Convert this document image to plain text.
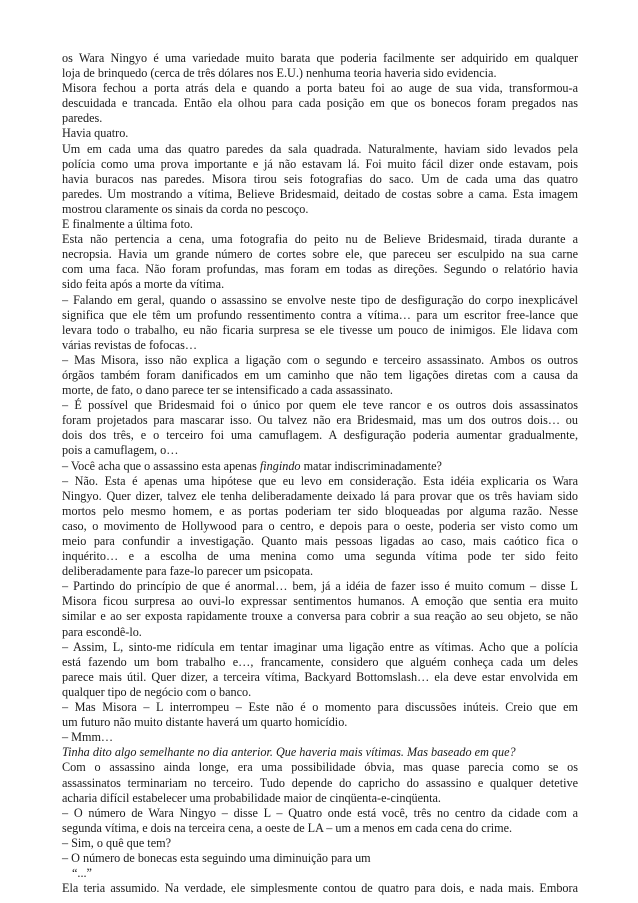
os Wara Ningyo é uma variedade muito barata que poderia facilmente ser adquirido em qualquer
loja de brinquedo (cerca de três dólares nos E.U.) nenhuma teoria haveria sido evidencia.
Misora fechou a porta atrás dela e quando a porta bateu foi ao auge de sua vida, transformou-a
descuidada e trancada. Então ela olhou para cada posição em que os bonecos foram pregados nas
paredes.
Havia quatro.
Um em cada uma das quatro paredes da sala quadrada. Naturalmente, haviam sido levados pela
polícia como uma prova importante e já não estavam lá. Foi muito fácil dizer onde estavam, pois
havia buracos nas paredes. Misora tirou seis fotografias do saco. Um de cada uma das quatro
paredes. Um mostrando a vítima, Believe Bridesmaid, deitado de costas sobre a cama. Esta imagem
mostrou claramente os sinais da corda no pescoço.
E finalmente a última foto.
Esta não pertencia a cena, uma fotografia do peito nu de Believe Bridesmaid, tirada durante a
necropsia. Havia um grande número de cortes sobre ele, que pareceu ser esculpido na sua carne
com uma faca. Não foram profundas, mas foram em todas as direções. Segundo o relatório havia
sido feita após a morte da vítima.
– Falando em geral, quando o assassino se envolve neste tipo de desfiguração do corpo inexplicável
significa que ele têm um profundo ressentimento contra a vítima… para um escritor free-lance que
levara todo o trabalho, eu não ficaria surpresa se ele tivesse um pouco de inimigos. Ele lidava com
várias revistas de fofocas…
– Mas Misora, isso não explica a ligação com o segundo e terceiro assassinato. Ambos os outros
órgãos também foram danificados em um caminho que não tem ligações diretas com a causa da
morte, de fato, o dano parece ter se intensificado a cada assassinato.
– É possível que Bridesmaid foi o único por quem ele teve rancor e os outros dois assassinatos
foram projetados para mascarar isso. Ou talvez não era Bridesmaid, mas um dos outros dois… ou
dois dos três, e o terceiro foi uma camuflagem. A desfiguração poderia aumentar gradualmente,
pois a camuflagem, o…
– Você acha que o assassino esta apenas fingindo matar indiscriminadamente?
– Não. Esta é apenas uma hipótese que eu levo em consideração. Esta idéia explicaria os Wara
Ningyo. Quer dizer, talvez ele tenha deliberadamente deixado lá para provar que os três haviam sido
mortos pelo mesmo homem, e as portas poderiam ter sido bloqueadas por alguma razão. Nesse
caso, o movimento de Hollywood para o centro, e depois para o oeste, poderia ser visto como um
meio para confundir a investigação. Quanto mais pessoas ligadas ao caso, mais caótico fica o
inquérito… e a escolha de uma menina como uma segunda vítima pode ter sido feito
deliberadamente para faze-lo parecer um psicopata.
– Partindo do princípio de que é anormal… bem, já a idéia de fazer isso é muito comum – disse L
Misora ficou surpresa ao ouvi-lo expressar sentimentos humanos. A emoção que sentia era muito
similar e ao ser exposta rapidamente trouxe a conversa para cobrir a sua reação ao seu objeto, se não
para escondê-lo.
– Assim, L, sinto-me ridícula em tentar imaginar uma ligação entre as vítimas. Acho que a polícia
está fazendo um bom trabalho e…, francamente, considero que alguém conheça cada um deles
parece mais útil. Quer dizer, a terceira vítima, Backyard Bottomslash… ela deve estar envolvida em
qualquer tipo de negócio com o banco.
– Mas Misora – L interrompeu – Este não é o momento para discussões inúteis. Creio que em
um futuro não muito distante haverá um quarto homicídio.
– Mmm…
Tinha dito algo semelhante no dia anterior. Que haveria mais vítimas. Mas baseado em que?
Com o assassino ainda longe, era uma possibilidade óbvia, mas quase parecia como se os
assassinatos terminariam no terceiro. Tudo depende do capricho do assassino e qualquer detetive
acharia difícil estabelecer uma probabilidade maior de cinqüenta-e-cinqüenta.
– O número de Wara Ningyo – disse L – Quatro onde está você, três no centro da cidade com a
segunda vítima, e dois na terceira cena, a oeste de LA – um a menos em cada cena do crime.
– Sim, o quê que tem?
– O número de bonecas esta seguindo uma diminuição para um
“...”
Ela teria assumido. Na verdade, ele simplesmente contou de quatro para dois, e nada mais. Embora
